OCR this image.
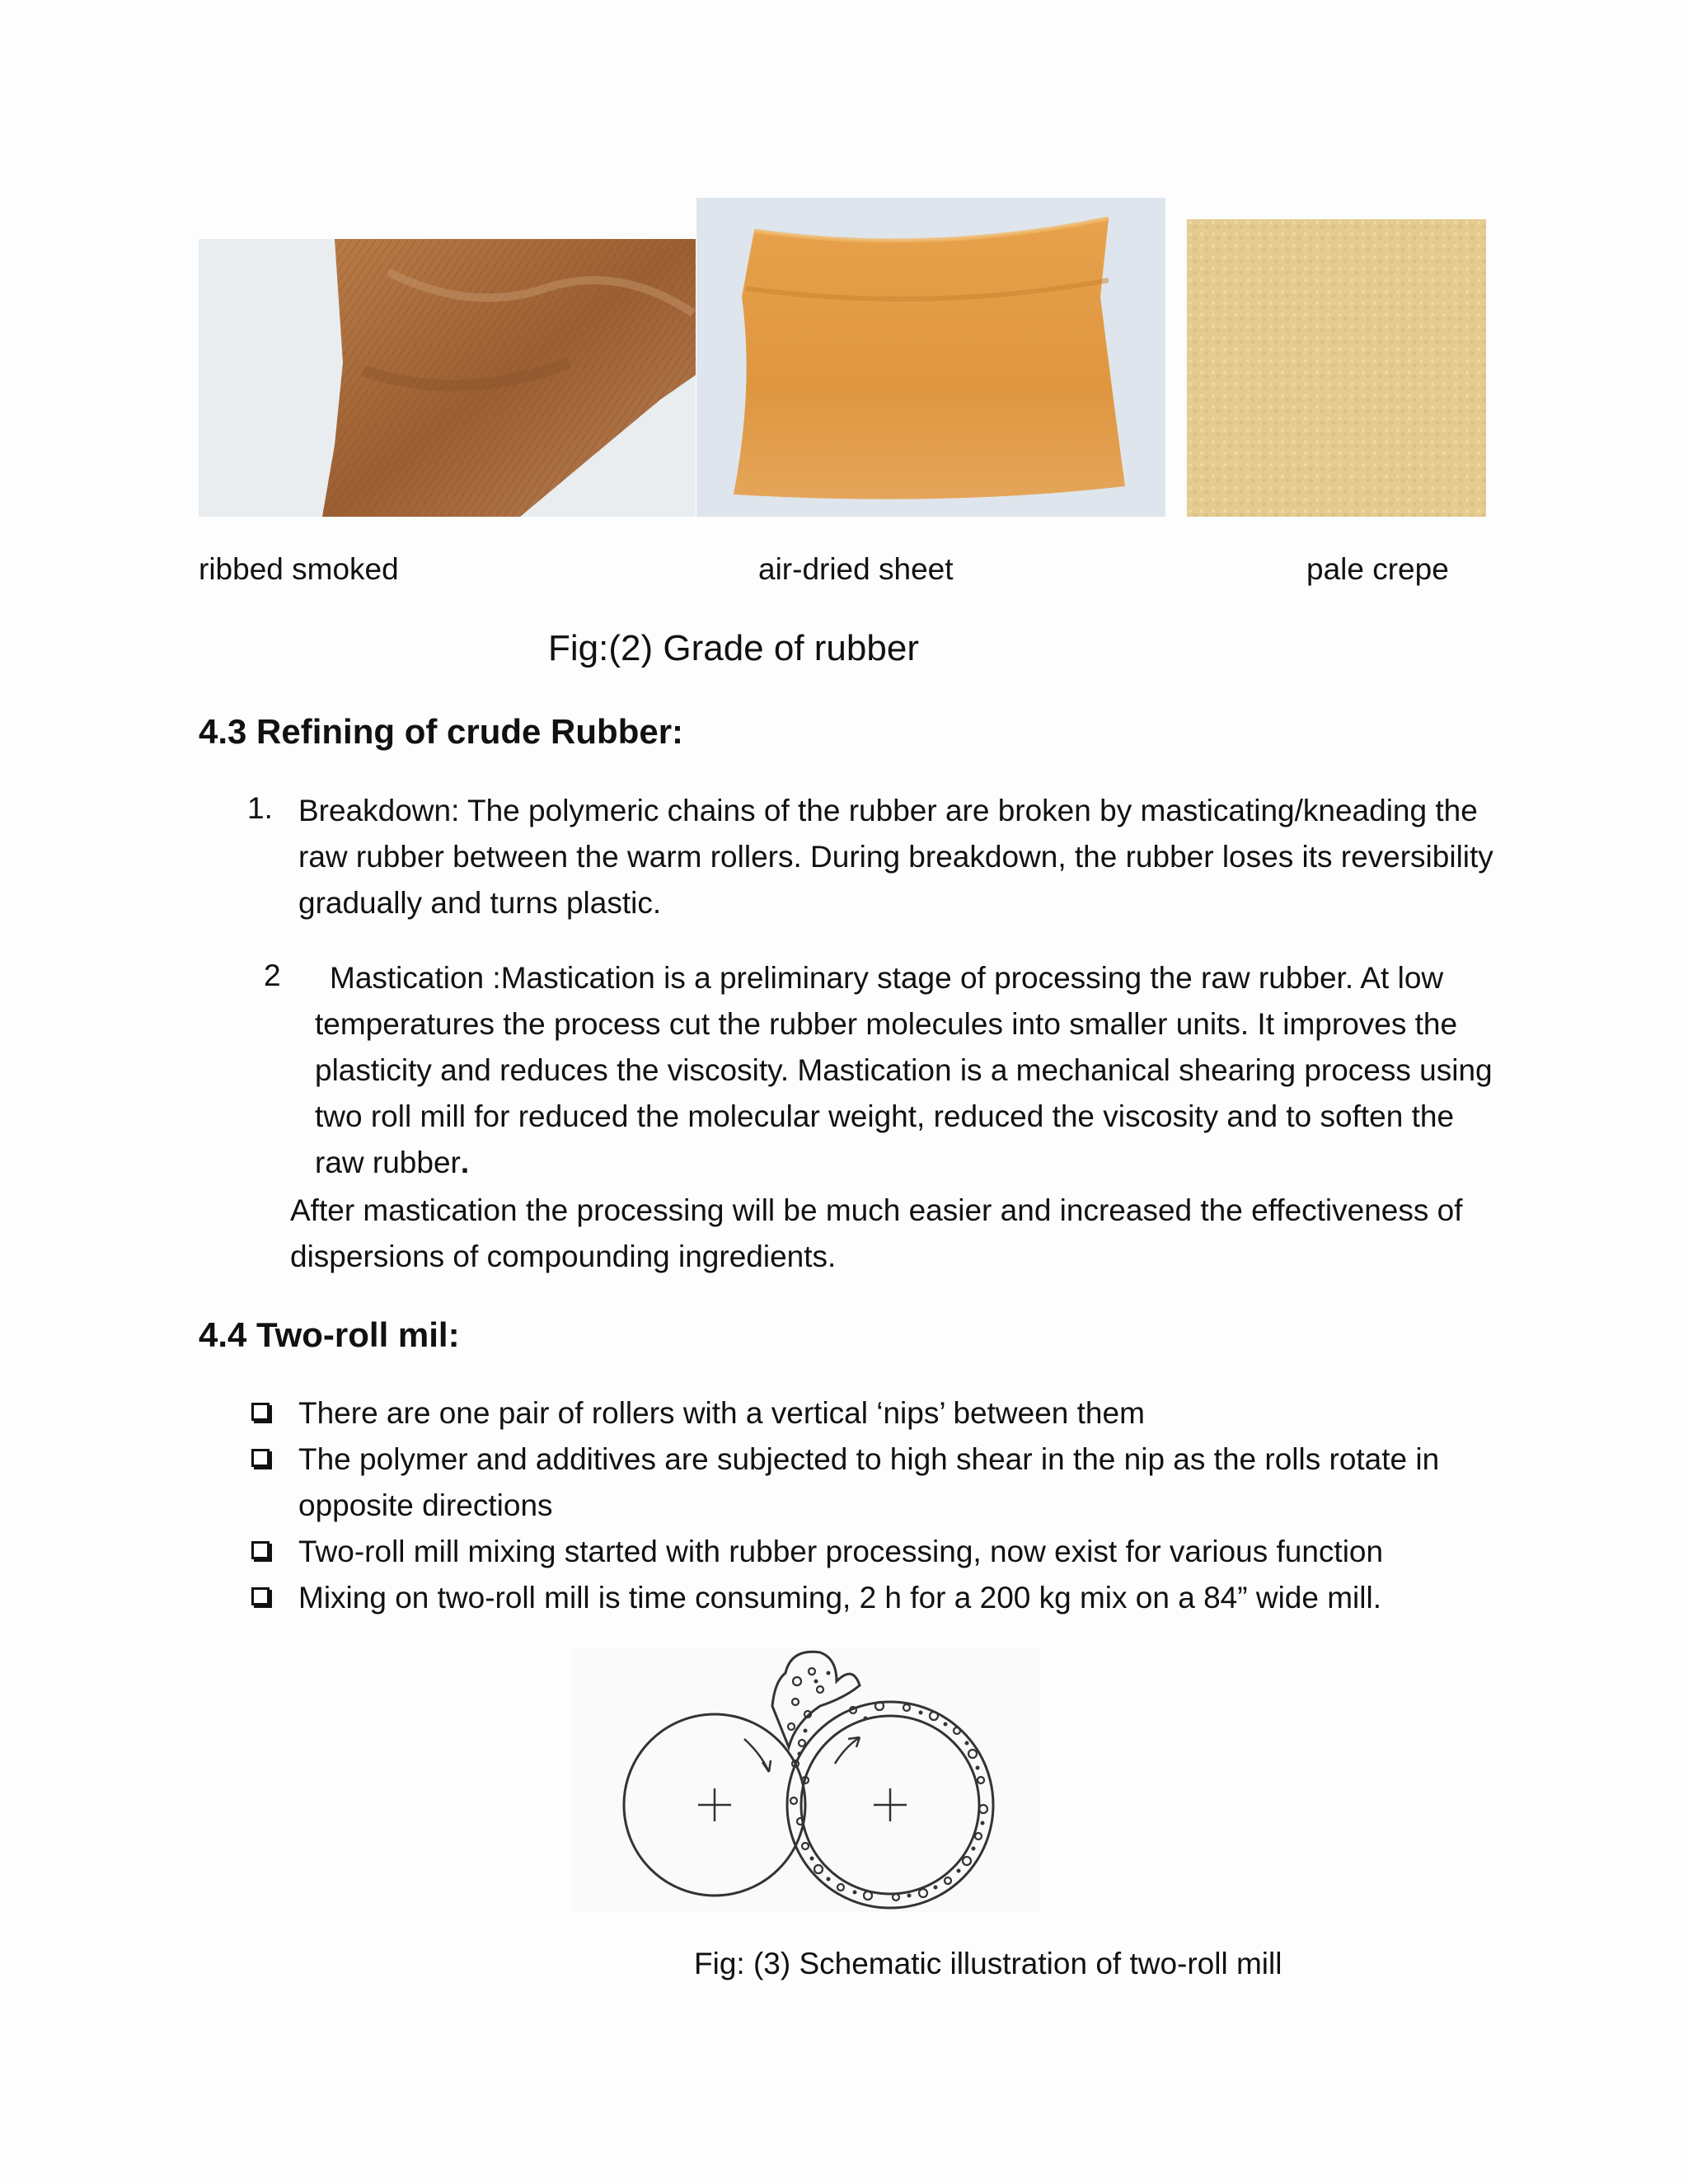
ribbed smoked	air‐dried sheet	pale crepe
Fig:(2) Grade of rubber
4.3 Refining of crude Rubber:
1. Breakdown: The polymeric chains of the rubber are broken by masticating/kneading the raw rubber between the warm rollers. During breakdown, the rubber loses its reversibility gradually and turns plastic.
2 Mastication :Mastication is a preliminary stage of processing the raw rubber. At low
temperatures the process cut the rubber molecules into smaller units. It improves the plasticity and reduces the viscosity. Mastication is a mechanical shearing process using two roll mill for reduced the molecular weight, reduced the viscosity and to soften the raw rubber.
After mastication the processing will be much easier and increased the effectiveness of dispersions of compounding ingredients.
4.4 Two-roll mil:
There are one pair of rollers with a vertical ‘nips’ between them
The polymer and additives are subjected to high shear in the nip as the rolls rotate in opposite directions
Two-roll mill mixing started with rubber processing, now exist for various function
Mixing on two-roll mill is time consuming, 2 h for a 200 kg mix on a 84” wide mill.
Fig: (3) Schematic illustration of two-roll mill
